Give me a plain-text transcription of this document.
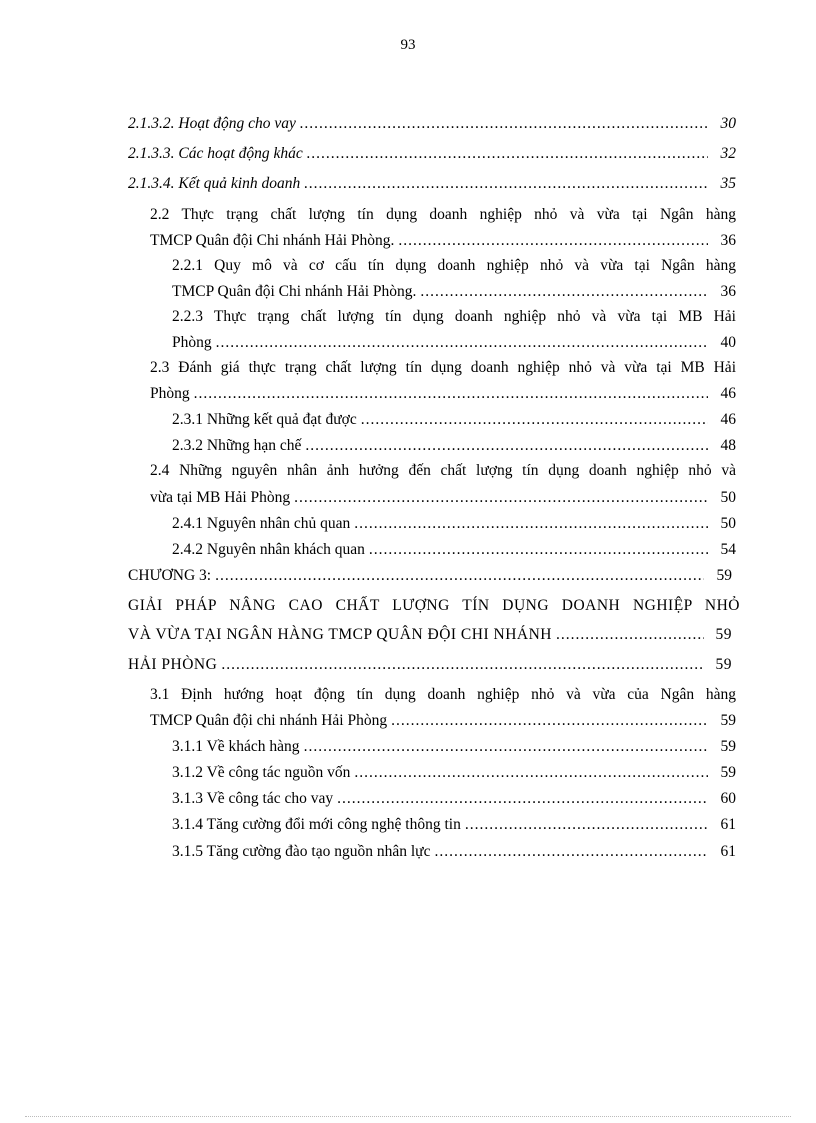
93
2.1.3.2. Hoạt động cho vay .....	30
2.1.3.3. Các hoạt động khác .....	32
2.1.3.4. Kết quả kinh doanh .....	35
2.2 Thực trạng chất lượng tín dụng doanh nghiệp nhỏ và vừa tại Ngân hàng
TMCP Quân đội Chi nhánh Hải Phòng. .....	36
2.2.1 Quy mô và cơ cấu tín dụng doanh nghiệp nhỏ và vừa tại Ngân hàng
TMCP Quân đội Chi nhánh Hải Phòng. .....	36
2.2.3 Thực trạng chất lượng tín dụng doanh nghiệp nhỏ và vừa tại MB Hải
Phòng .....	40
2.3 Đánh giá thực trạng chất lượng tín dụng doanh nghiệp nhỏ và vừa tại MB Hải
Phòng .....	46
2.3.1 Những kết quả đạt được .....	46
2.3.2 Những hạn chế .....	48
2.4 Những nguyên nhân ảnh hưởng đến chất lượng tín dụng doanh nghiệp nhỏ và
vừa tại MB Hải Phòng .....	50
2.4.1 Nguyên nhân chủ quan .....	50
2.4.2 Nguyên nhân khách quan .....	54
CHƯƠNG 3: .....	59
GIẢI PHÁP NÂNG CAO CHẤT LƯỢNG TÍN DỤNG DOANH NGHIỆP NHỎ
VÀ VỪA TẠI NGÂN HÀNG TMCP QUÂN ĐỘI CHI NHÁNH .....	59
HẢI PHÒNG .....	59
3.1 Định hướng hoạt động tín dụng doanh nghiệp nhỏ và vừa của Ngân hàng
TMCP Quân đội chi nhánh Hải Phòng .....	59
3.1.1 Về khách hàng .....	59
3.1.2 Về công tác nguồn vốn .....	59
3.1.3 Về công tác cho vay .....	60
3.1.4 Tăng cường đổi mới công nghệ thông tin .....	61
3.1.5 Tăng cường đào tạo nguồn nhân lực .....	61
